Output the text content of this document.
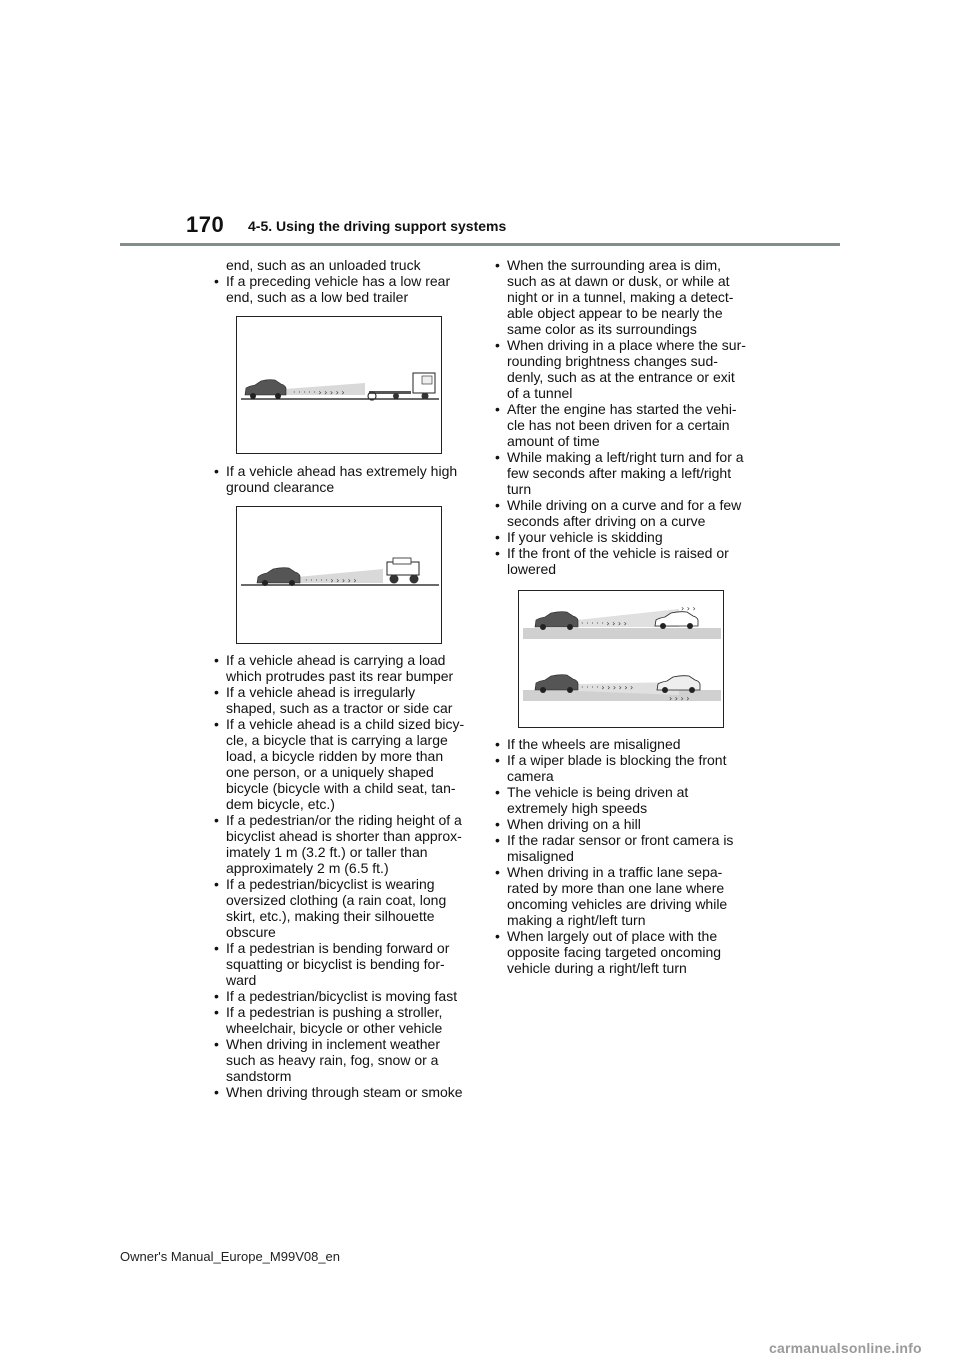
170 4-5. Using the driving support systems

end, such as an unloaded truck

• If a preceding vehicle has a low rear
end, such as a low bed trailer
· · · · · › › › › ›
• If a vehicle ahead has extremely high
ground clearance
· · · · · › › › › ›
• If a vehicle ahead is carrying a load
which protrudes past its rear bumper
• If a vehicle ahead is irregularly
shaped, such as a tractor or side car
• If a vehicle ahead is a child sized bicy-
cle, a bicycle that is carrying a large
load, a bicycle ridden by more than
one person, or a uniquely shaped
bicycle (bicycle with a child seat, tan-
dem bicycle, etc.)
• If a pedestrian/or the riding height of a
bicyclist ahead is shorter than approx-
imately 1 m (3.2 ft.) or taller than
approximately 2 m (6.5 ft.)
• If a pedestrian/bicyclist is wearing
oversized clothing (a rain coat, long
skirt, etc.), making their silhouette
obscure
• If a pedestrian is bending forward or
squatting or bicyclist is bending for-
ward
• If a pedestrian/bicyclist is moving fast
• If a pedestrian is pushing a stroller,
wheelchair, bicycle or other vehicle
• When driving in inclement weather
such as heavy rain, fog, snow or a
sandstorm
• When driving through steam or smoke
• When the surrounding area is dim,
such as at dawn or dusk, or while at
night or in a tunnel, making a detect-
able object appear to be nearly the
same color as its surroundings
• When driving in a place where the sur-
rounding brightness changes sud-
denly, such as at the entrance or exit
of a tunnel
• After the engine has started the vehi-
cle has not been driven for a certain
amount of time
• While making a left/right turn and for a
few seconds after making a left/right
turn
• While driving on a curve and for a few
seconds after driving on a curve
• If your vehicle is skidding
• If the front of the vehicle is raised or
lowered
· · · · · › › › ›
› › ›
· · · · › › › › › ›
› › › ›
• If the wheels are misaligned
• If a wiper blade is blocking the front
camera
• The vehicle is being driven at
extremely high speeds
• When driving on a hill
• If the radar sensor or front camera is
misaligned
• When driving in a traffic lane sepa-
rated by more than one lane where
oncoming vehicles are driving while
making a right/left turn
• When largely out of place with the
opposite facing targeted oncoming
vehicle during a right/left turn
Owner's Manual_Europe_M99V08_en
carmanualsonline.info
